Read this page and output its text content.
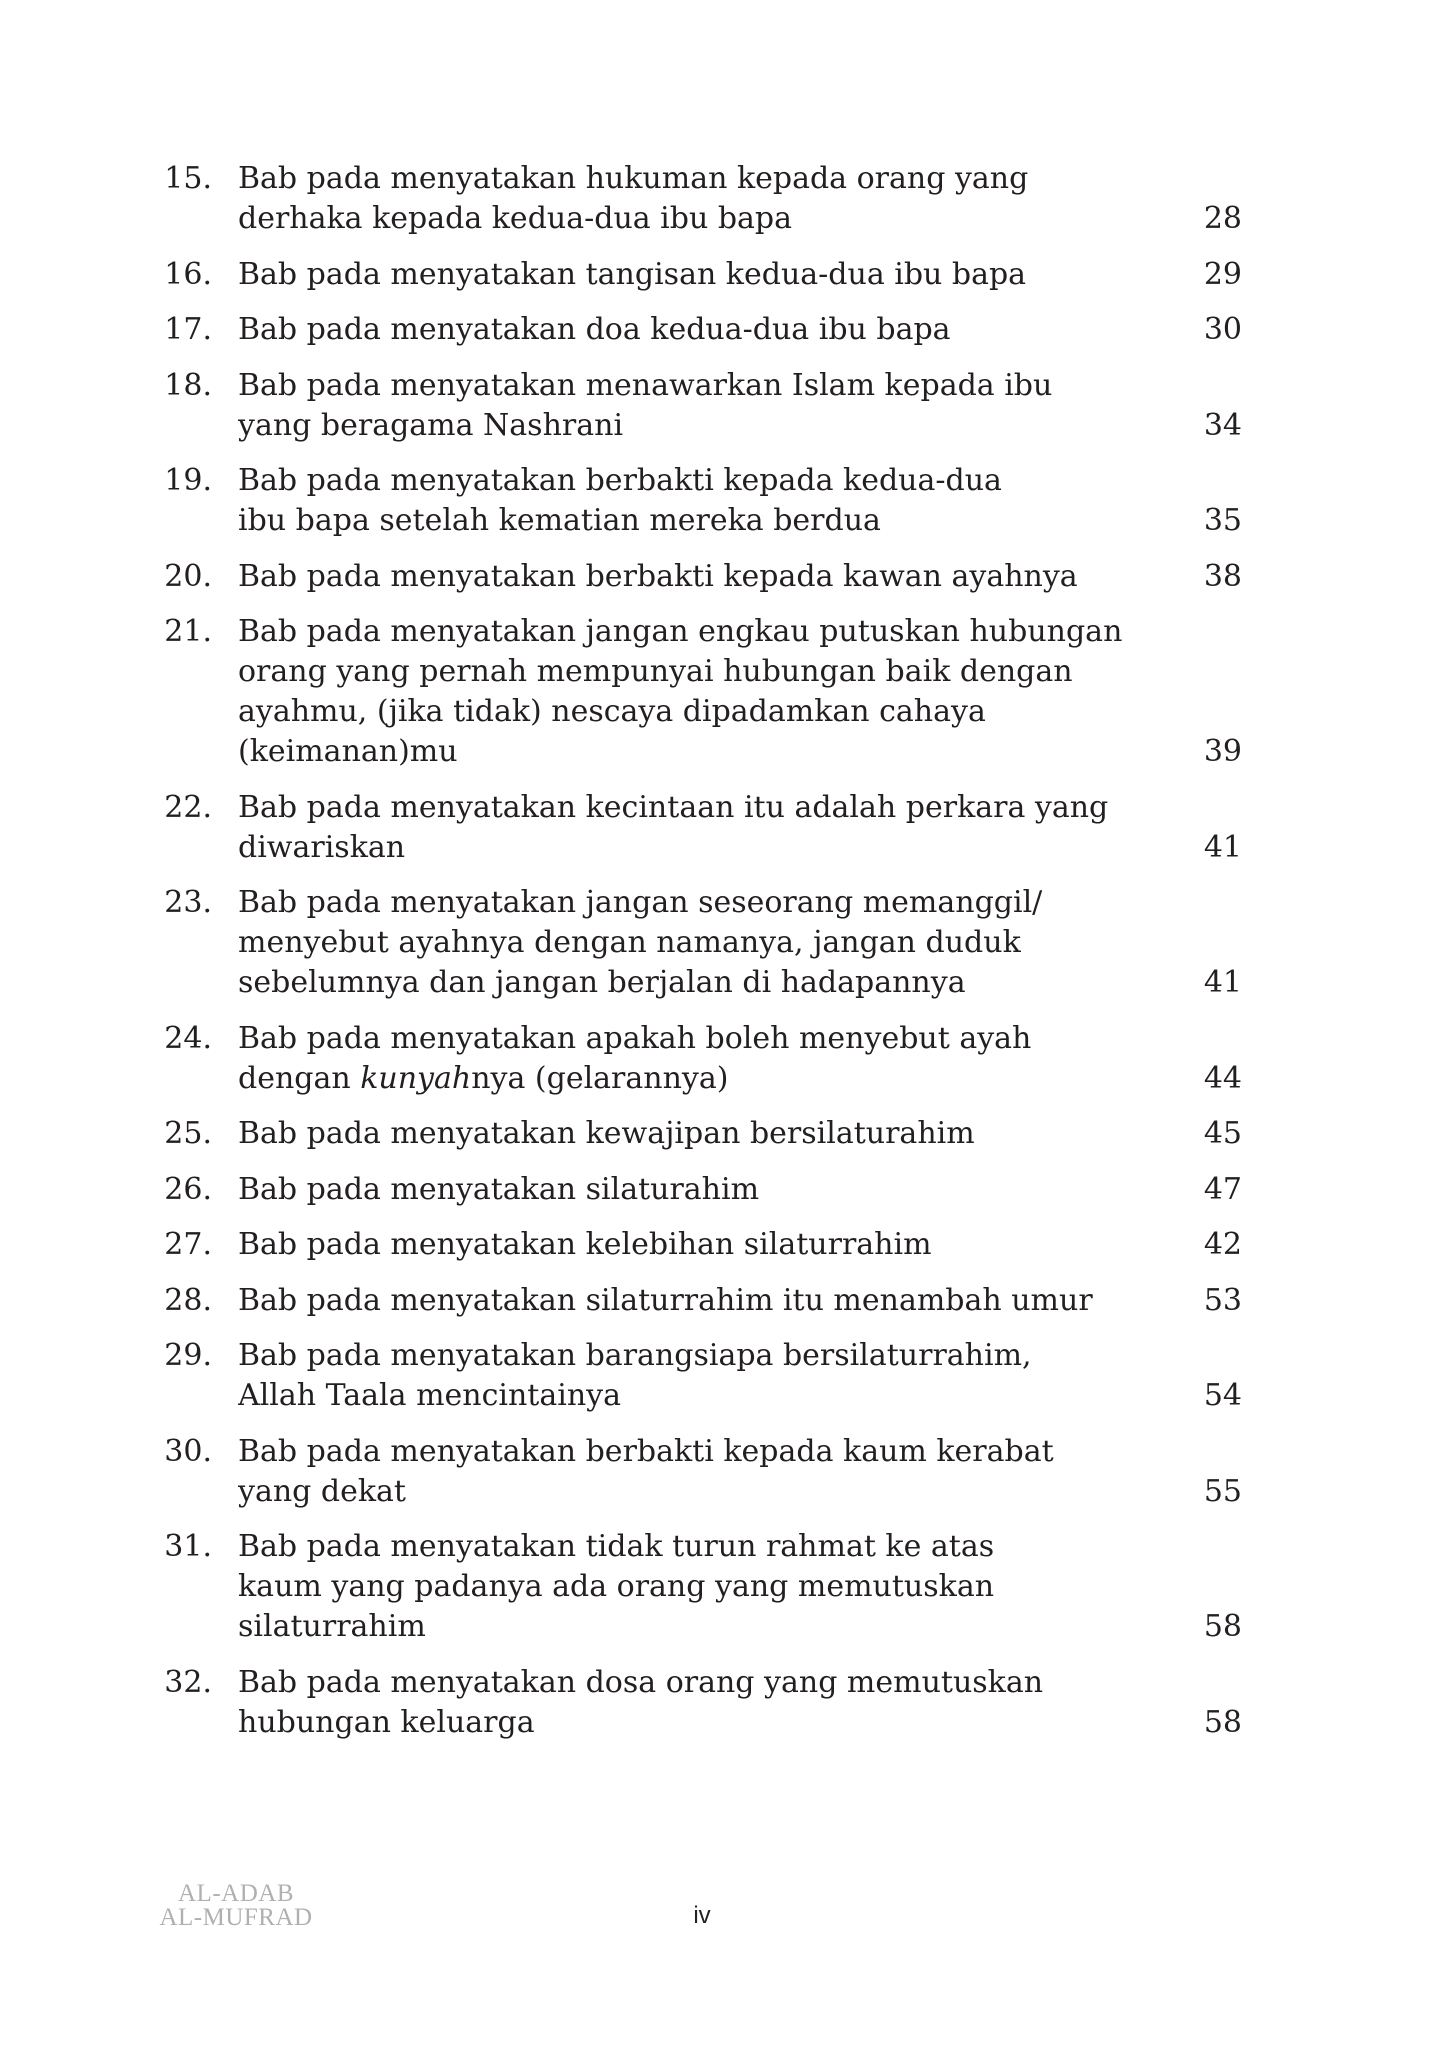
15. Bab pada menyatakan hukuman kepada orang yang
derhaka kepada kedua-dua ibu bapa	28
16. Bab pada menyatakan tangisan kedua-dua ibu bapa	29
17. Bab pada menyatakan doa kedua-dua ibu bapa	30
18. Bab pada menyatakan menawarkan Islam kepada ibu
yang beragama Nashrani	34
19. Bab pada menyatakan berbakti kepada kedua-dua
ibu bapa setelah kematian mereka berdua	35
20. Bab pada menyatakan berbakti kepada kawan ayahnya	38
21. Bab pada menyatakan jangan engkau putuskan hubungan
orang yang pernah mempunyai hubungan baik dengan
ayahmu, (jika tidak) nescaya dipadamkan cahaya
(keimanan)mu	39
22. Bab pada menyatakan kecintaan itu adalah perkara yang
diwariskan	41
23. Bab pada menyatakan jangan seseorang memanggil/
menyebut ayahnya dengan namanya, jangan duduk
sebelumnya dan jangan berjalan di hadapannya	41
24. Bab pada menyatakan apakah boleh menyebut ayah
dengan kunyahnya (gelarannya)	44
25. Bab pada menyatakan kewajipan bersilaturahim	45
26. Bab pada menyatakan silaturahim	47
27. Bab pada menyatakan kelebihan silaturrahim	42
28. Bab pada menyatakan silaturrahim itu menambah umur	53
29. Bab pada menyatakan barangsiapa bersilaturrahim,
Allah Taala mencintainya	54
30. Bab pada menyatakan berbakti kepada kaum kerabat
yang dekat	55
31. Bab pada menyatakan tidak turun rahmat ke atas
kaum yang padanya ada orang yang memutuskan
silaturrahim	58
32. Bab pada menyatakan dosa orang yang memutuskan
hubungan keluarga	58
AL-ADAB
AL-MUFRAD	iv
